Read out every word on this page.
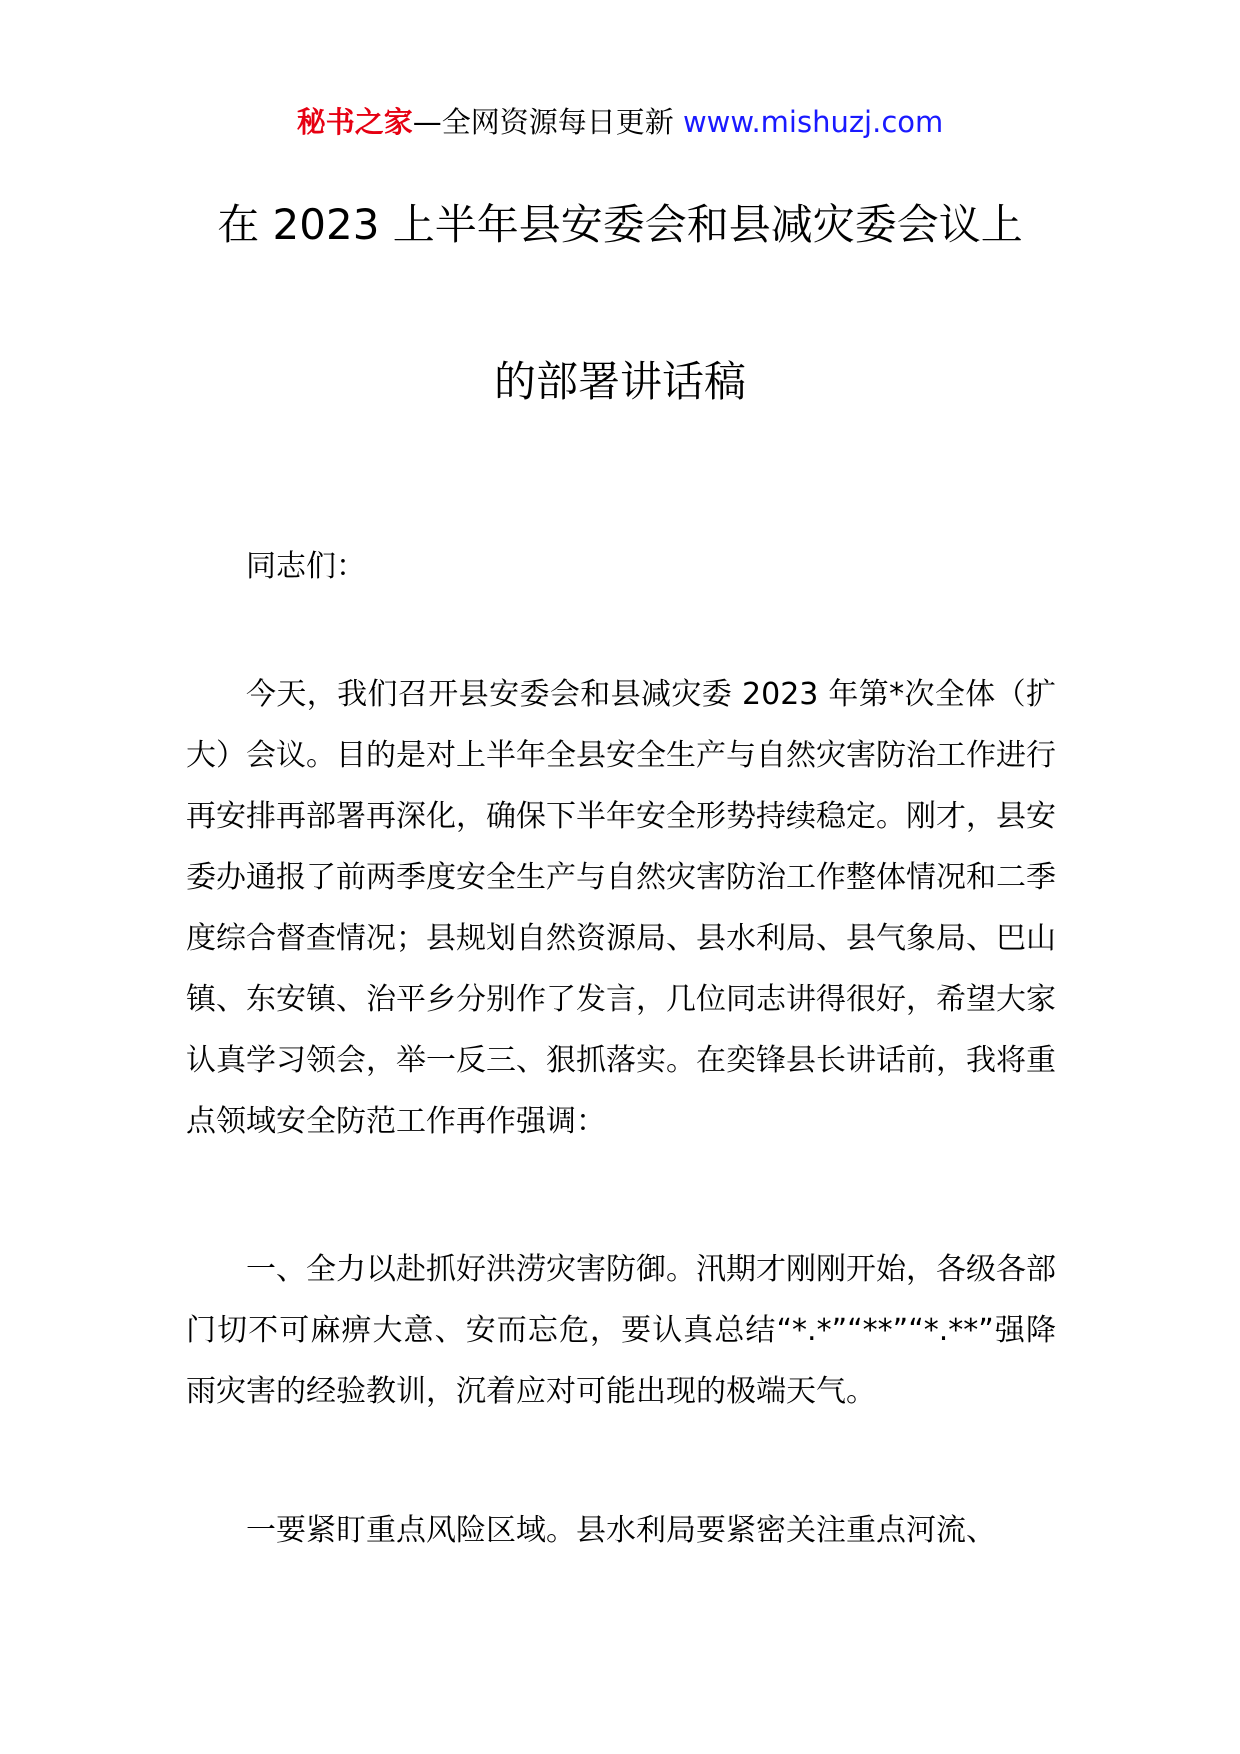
秘书之家—全网资源每日更新 www.mishuzj.com
在 2023 上半年县安委会和县减灾委会议上
的部署讲话稿

同志们：

今天，我们召开县安委会和县减灾委 2023 年第*次全体（扩大）会议。目的是对上半年全县安全生产与自然灾害防治工作进行再安排再部署再深化，确保下半年安全形势持续稳定。刚才，县安委办通报了前两季度安全生产与自然灾害防治工作整体情况和二季度综合督查情况；县规划自然资源局、县水利局、县气象局、巴山镇、东安镇、治平乡分别作了发言，几位同志讲得很好，希望大家认真学习领会，举一反三、狠抓落实。在奕锋县长讲话前，我将重点领域安全防范工作再作强调：

一、全力以赴抓好洪涝灾害防御。汛期才刚刚开始，各级各部门切不可麻痹大意、安而忘危，要认真总结“*.*”“**”“*.**”强降雨灾害的经验教训，沉着应对可能出现的极端天气。

一要紧盯重点风险区域。县水利局要紧密关注重点河流、
